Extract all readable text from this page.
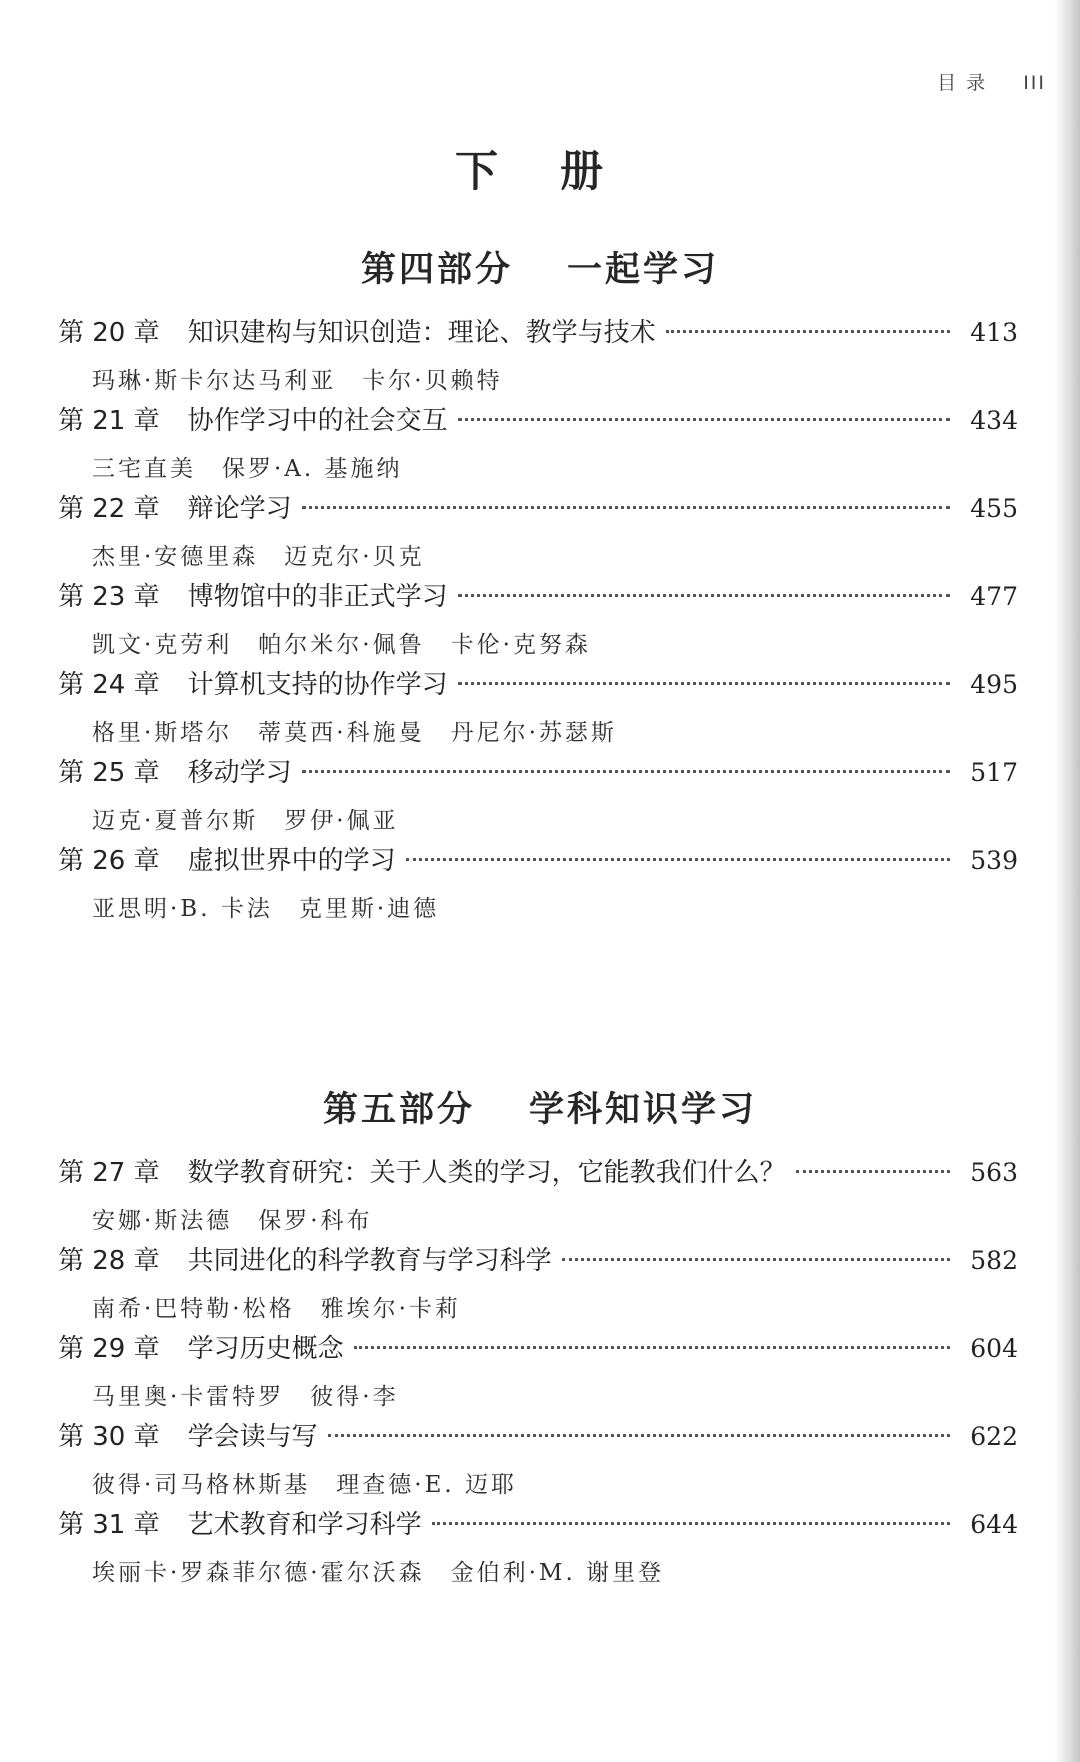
目 录 III
下册
第四部分 一起学习
第 20 章 知识建构与知识创造：理论、教学与技术	413
玛琳·斯卡尔达马利亚　卡尔·贝赖特
第 21 章 协作学习中的社会交互	434
三宅直美　保罗·A. 基施纳
第 22 章 辩论学习	455
杰里·安德里森　迈克尔·贝克
第 23 章 博物馆中的非正式学习	477
凯文·克劳利　帕尔米尔·佩鲁　卡伦·克努森
第 24 章 计算机支持的协作学习	495
格里·斯塔尔　蒂莫西·科施曼　丹尼尔·苏瑟斯
第 25 章 移动学习	517
迈克·夏普尔斯　罗伊·佩亚
第 26 章 虚拟世界中的学习	539
亚思明·B. 卡法　克里斯·迪德
第五部分 学科知识学习
第 27 章 数学教育研究：关于人类的学习，它能教我们什么？	563
安娜·斯法德　保罗·科布
第 28 章 共同进化的科学教育与学习科学	582
南希·巴特勒·松格　雅埃尔·卡莉
第 29 章 学习历史概念	604
马里奥·卡雷特罗　彼得·李
第 30 章 学会读与写	622
彼得·司马格林斯基　理查德·E. 迈耶
第 31 章 艺术教育和学习科学	644
埃丽卡·罗森菲尔德·霍尔沃森　金伯利·M. 谢里登
